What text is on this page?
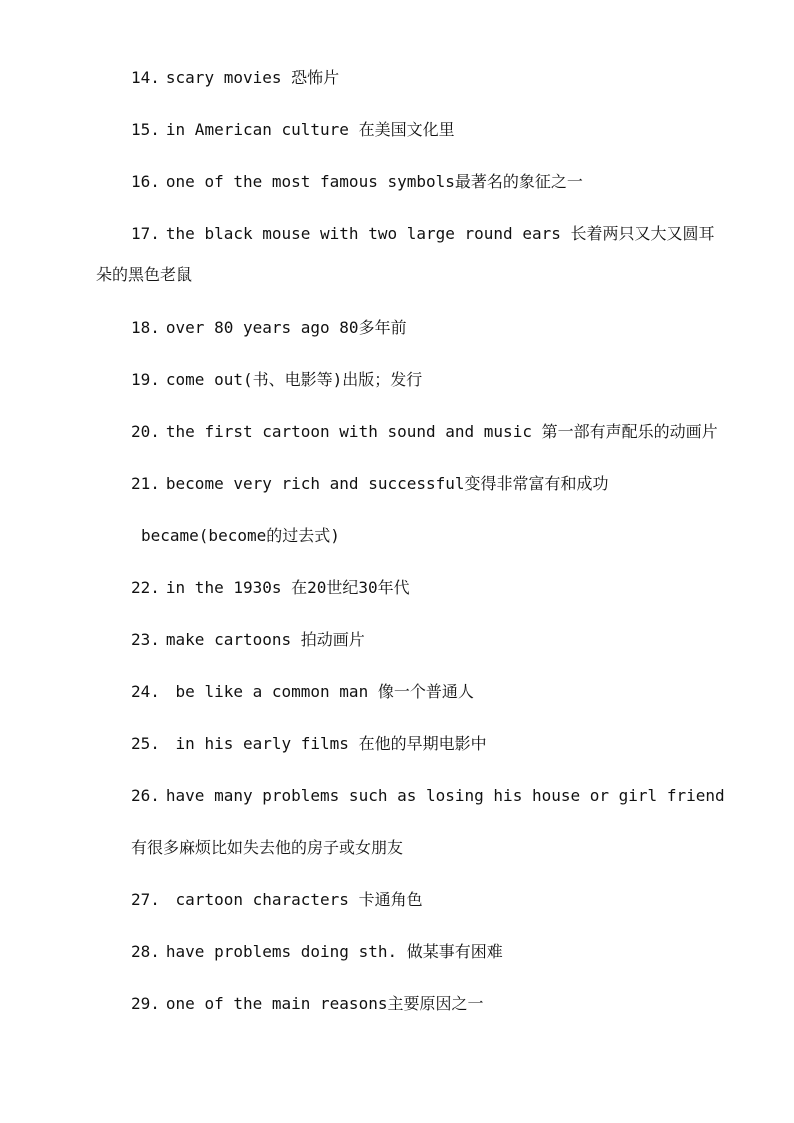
14. scary movies 恐怖片
15. in American culture 在美国文化里
16. one of the most famous symbols最著名的象征之一
17. the black mouse with two large round ears 长着两只又大又圆耳
朵的黑色老鼠
18. over 80 years ago 80多年前
19. come out(书、电影等)出版；发行
20. the first cartoon with sound and music 第一部有声配乐的动画片
21. become very rich and successful变得非常富有和成功
became(become的过去式)
22. in the 1930s 在20世纪30年代
23. make cartoons 拍动画片
24. be like a common man 像一个普通人
25. in his early films 在他的早期电影中
26. have many problems such as losing his house or girl friend
有很多麻烦比如失去他的房子或女朋友
27. cartoon characters 卡通角色
28. have problems doing sth. 做某事有困难
29. one of the main reasons主要原因之一
